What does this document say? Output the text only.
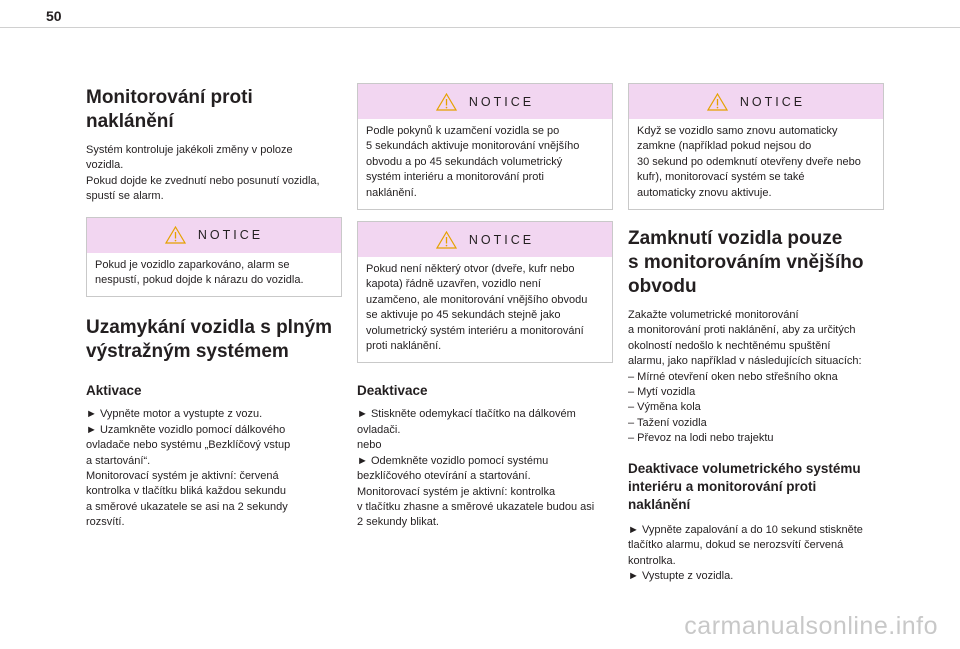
50
Monitorování proti
naklánění

Systém kontroluje jakékoli změny v poloze
vozidla.
Pokud dojde ke zvednutí nebo posunutí vozidla,
spustí se alarm.

NOTICE
Pokud je vozidlo zaparkováno, alarm se
nespustí, pokud dojde k nárazu do vozidla.
Uzamykání vozidla s plným
výstražným systémem
Aktivace

► Vypněte motor a vystupte z vozu.
► Uzamkněte vozidlo pomocí dálkového
ovladače nebo systému „Bezklíčový vstup
a startování“.
Monitorovací systém je aktivní: červená
kontrolka v tlačítku bliká každou sekundu
a směrové ukazatele se asi na 2 sekundy
rozsvítí.

NOTICE
Podle pokynů k uzamčení vozidla se po
5 sekundách aktivuje monitorování vnějšího
obvodu a po 45 sekundách volumetrický
systém interiéru a monitorování proti
naklánění.
NOTICE
Pokud není některý otvor (dveře, kufr nebo
kapota) řádně uzavřen, vozidlo není
uzamčeno, ale monitorování vnějšího obvodu
se aktivuje po 45 sekundách stejně jako
volumetrický systém interiéru a monitorování
proti naklánění.
Deaktivace

► Stiskněte odemykací tlačítko na dálkovém
ovladači.
nebo
► Odemkněte vozidlo pomocí systému
bezklíčového otevírání a startování.
Monitorovací systém je aktivní: kontrolka
v tlačítku zhasne a směrové ukazatele budou asi
2 sekundy blikat.

NOTICE
Když se vozidlo samo znovu automaticky
zamkne (například pokud nejsou do
30 sekund po odemknutí otevřeny dveře nebo
kufr), monitorovací systém se také
automaticky znovu aktivuje.
Zamknutí vozidla pouze
s monitorováním vnějšího
obvodu

Zakažte volumetrické monitorování
a monitorování proti naklánění, aby za určitých
okolností nedošlo k nechtěnému spuštění
alarmu, jako například v následujících situacích:
– Mírné otevření oken nebo střešního okna
– Mytí vozidla
– Výměna kola
– Tažení vozidla
– Převoz na lodi nebo trajektu

Deaktivace volumetrického systému
interiéru a monitorování proti
naklánění

► Vypněte zapalování a do 10 sekund stiskněte
tlačítko alarmu, dokud se nerozsvítí červená
kontrolka.
► Vystupte z vozidla.

carmanualsonline.info
